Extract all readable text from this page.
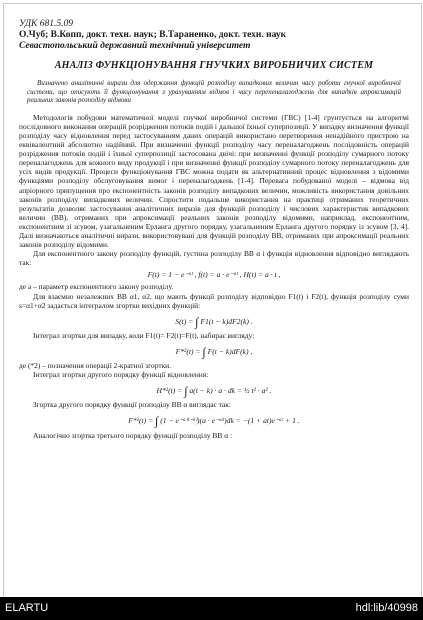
УДК 681.5.09
О.Чуб; В.Копп, докт. техн. наук; В.Тараненко, докт. техн. наук
Севастопольський державний технічний університет
АНАЛІЗ ФУНКЦІОНУВАННЯ ГНУЧКИХ ВИРОБНИЧИХ СИСТЕМ
Визначено аналітичні вирази для одержання функцій розподілу випадкових величин часу роботи гнучкої виробничої системи, що описують її функціонування з урахуванням відмов і часу перепеналагоджень для випадків апроксимацій реальних законів розподілу відмови

Методологія побудови математичної моделі гнучкої виробничої системи (ГВС) [1-4] грунтується на алгоритмі послідовного виконання операцій розрідження потоків подій і дальшої їхньої суперпозиції. У випадку визначення функції розподілу часу відновлення перед застосуванням даних операцій використано перетворення ненадійного пристрою на еквівалентний абсолютно надійний. При визначенні функції розподілу часу переналагоджень послідовність операцій розрідження потоків подій і їхньої суперпозиції застосована двічі: при визначенні функції розподілу сумарного потоку переналагоджень для кожного виду продукції і при визначенні функції розподілу сумарного потоку переналагоджень для усіх видів продукції. Процеси функціонування ГВС можна подати як альтернативний процес відновлення з відомими функціями розподілу обслуговування вимог і переналагоджень [1-4]. Перевага побудованої моделі – відмова від апріорного припущення про експонентність законів розподілу випадкових величин, можливість використання довільних законів розподілу випадкових величин. Спростити подальше використання на практиці отриманих теоретичних результатів дозволяє застосування аналітичних виразів для функцій розподілу і числових характеристик випадкових величин (ВВ), отриманих при апроксимації реальних законів розподілу відомими, наприклад, експонентним, експонентним зі зсувом, узагальненим Ерланга другого порядку, узагальненим Ерланга другого порядку із зсувом [3, 4]. Далі визначаються аналітичні вирази, використовувані для функцій розподілу ВВ, отриманих при апроксимації реальних законів розподілу відомими.

Для експонентного закону розподілу функцій, густина розподілу ВВ α і функція відновлення відповідно виглядають так:

F(t) = 1 − e⁻ᵃᵗ , f(t) = a · e⁻ᵃᵗ , H(t) = a · t ,

де a – параметр експонентного закону розподілу.

Для взаємно незалежних ВВ α1, α2, що мають функції розподілу відповідно F1(t) і F2(t), функція розподілу суми s=α1+α2 задається інтегралом згортки вихідних функцій:

S(t) = ∫ F1(t − k)dF2(k) .

Інтеграл згортки для випадку, коли F1(t)= F2(t)=F(t), набирає вигляду:

F*²(t) = ∫ F(t − k)dF(k) ,

де (*2) – позначення операції 2-кратної згортки.

Інтеграл згортки другого порядку функції відновлення:

H*²(t) = ∫ a(t − k) · a · dk = ½ t² · a² .

Згортка другого порядку функції розподілу ВВ α виглядає так:

F*²(t) = ∫ (1 − e⁻ᵃ⁽ᵗ⁻ᵏ⁾)(a · e⁻ᵃᵏ)dk = −(1 + at)e⁻ᵃᵗ + 1 .

Аналогічно згортка третього порядку функції розподілу ВВ α :

ELARTU	hdl:lib/40998
